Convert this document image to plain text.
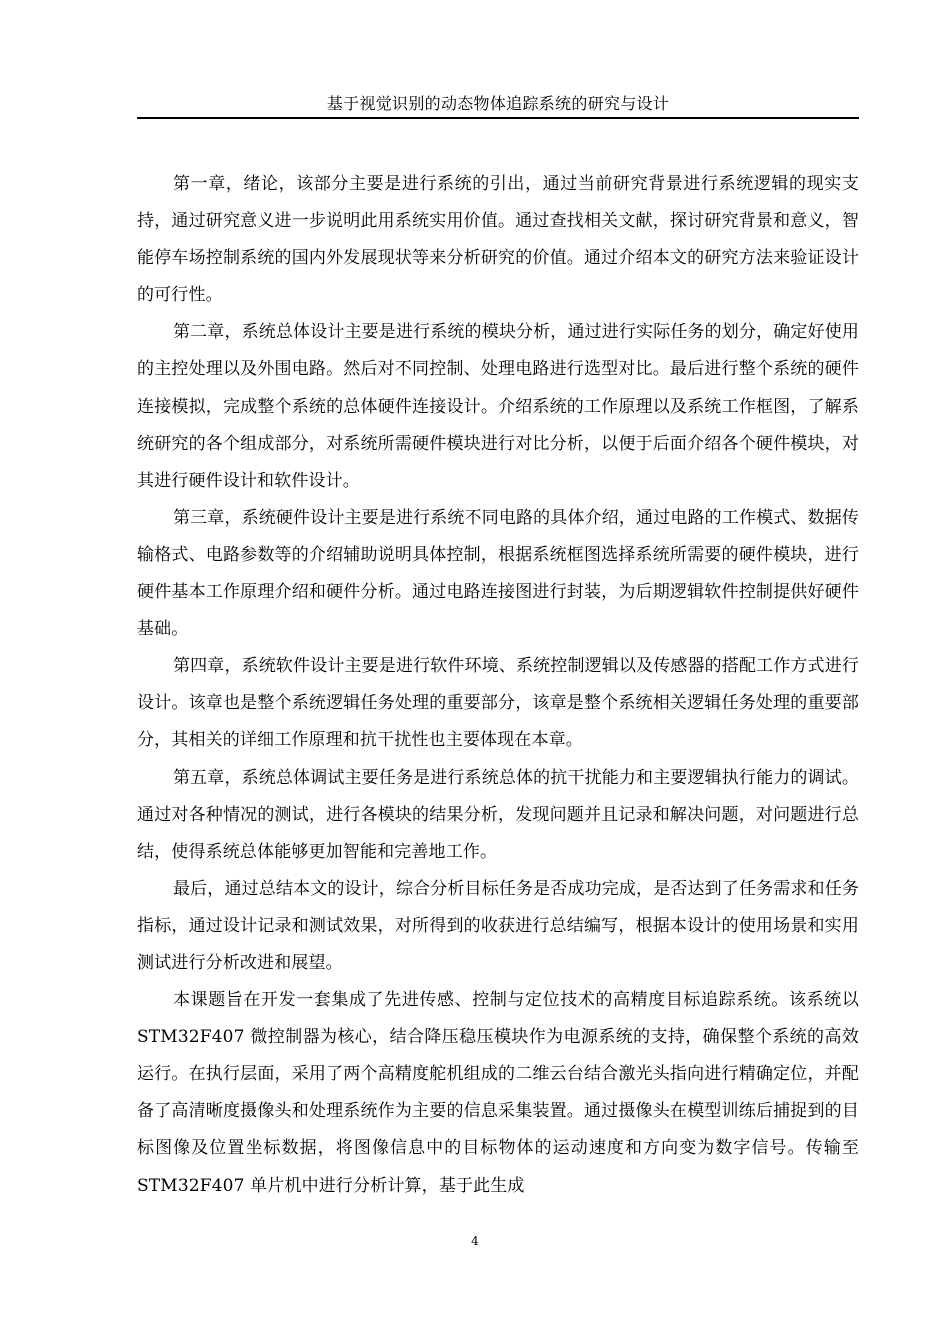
基于视觉识别的动态物体追踪系统的研究与设计

第一章，绪论，该部分主要是进行系统的引出，通过当前研究背景进行系统逻辑的现实支持，通过研究意义进一步说明此用系统实用价值。通过查找相关文献，探讨研究背景和意义，智能停车场控制系统的国内外发展现状等来分析研究的价值。通过介绍本文的研究方法来验证设计的可行性。

第二章，系统总体设计主要是进行系统的模块分析，通过进行实际任务的划分，确定好使用的主控处理以及外围电路。然后对不同控制、处理电路进行选型对比。最后进行整个系统的硬件连接模拟，完成整个系统的总体硬件连接设计。介绍系统的工作原理以及系统工作框图，了解系统研究的各个组成部分，对系统所需硬件模块进行对比分析，以便于后面介绍各个硬件模块，对其进行硬件设计和软件设计。

第三章，系统硬件设计主要是进行系统不同电路的具体介绍，通过电路的工作模式、数据传输格式、电路参数等的介绍辅助说明具体控制，根据系统框图选择系统所需要的硬件模块，进行硬件基本工作原理介绍和硬件分析。通过电路连接图进行封装，为后期逻辑软件控制提供好硬件基础。

第四章，系统软件设计主要是进行软件环境、系统控制逻辑以及传感器的搭配工作方式进行设计。该章也是整个系统逻辑任务处理的重要部分，该章是整个系统相关逻辑任务处理的重要部分，其相关的详细工作原理和抗干扰性也主要体现在本章。

第五章，系统总体调试主要任务是进行系统总体的抗干扰能力和主要逻辑执行能力的调试。通过对各种情况的测试，进行各模块的结果分析，发现问题并且记录和解决问题，对问题进行总结，使得系统总体能够更加智能和完善地工作。

最后，通过总结本文的设计，综合分析目标任务是否成功完成，是否达到了任务需求和任务指标，通过设计记录和测试效果，对所得到的收获进行总结编写，根据本设计的使用场景和实用测试进行分析改进和展望。

本课题旨在开发一套集成了先进传感、控制与定位技术的高精度目标追踪系统。该系统以 STM32F407 微控制器为核心，结合降压稳压模块作为电源系统的支持，确保整个系统的高效运行。在执行层面，采用了两个高精度舵机组成的二维云台结合激光头指向进行精确定位，并配备了高清晰度摄像头和处理系统作为主要的信息采集装置。通过摄像头在模型训练后捕捉到的目标图像及位置坐标数据，将图像信息中的目标物体的运动速度和方向变为数字信号。传输至 STM32F407 单片机中进行分析计算，基于此生成

4
